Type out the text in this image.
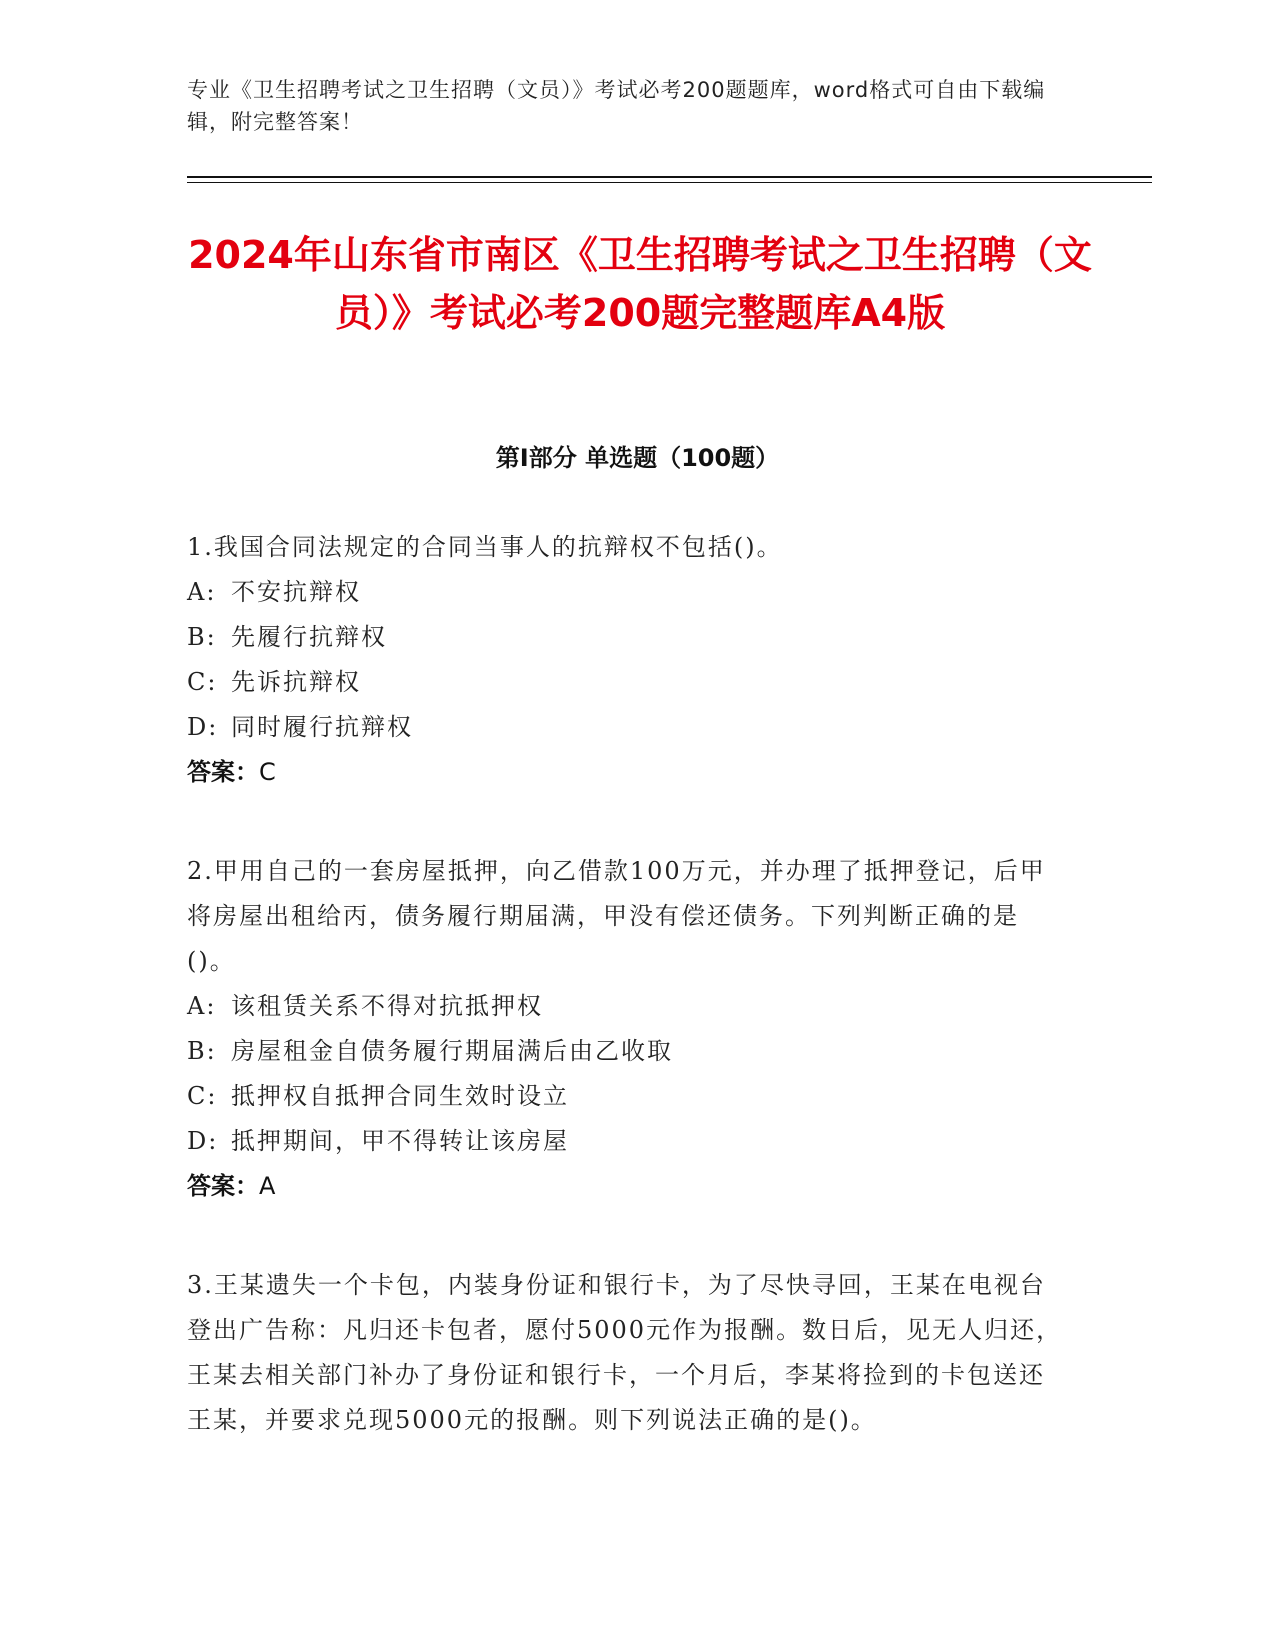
专业《卫生招聘考试之卫生招聘（文员）》考试必考200题题库，word格式可自由下载编辑，附完整答案！
2024年山东省市南区《卫生招聘考试之卫生招聘（文员）》考试必考200题完整题库A4版
第Ⅰ部分 单选题（100题）

1.我国合同法规定的合同当事人的抗辩权不包括()。

A: 不安抗辩权
B: 先履行抗辩权
C: 先诉抗辩权
D: 同时履行抗辩权

答案：C

2.甲用自己的一套房屋抵押，向乙借款100万元，并办理了抵押登记，后甲将房屋出租给丙，债务履行期届满，甲没有偿还债务。下列判断正确的是()。

A: 该租赁关系不得对抗抵押权
B: 房屋租金自债务履行期届满后由乙收取
C: 抵押权自抵押合同生效时设立
D: 抵押期间，甲不得转让该房屋

答案：A

3.王某遗失一个卡包，内装身份证和银行卡，为了尽快寻回，王某在电视台登出广告称：凡归还卡包者，愿付5000元作为报酬。数日后，见无人归还，王某去相关部门补办了身份证和银行卡，一个月后，李某将捡到的卡包送还王某，并要求兑现5000元的报酬。则下列说法正确的是()。
